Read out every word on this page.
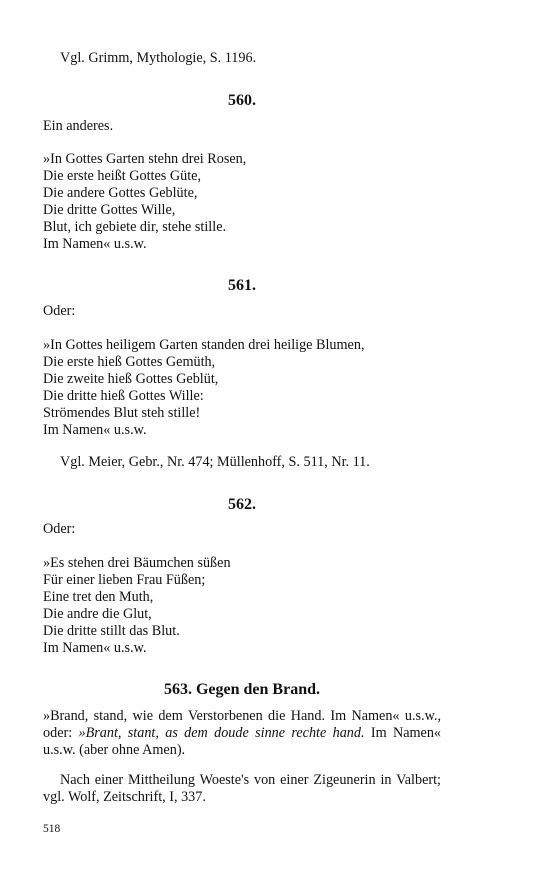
Vgl. Grimm, Mythologie, S. 1196.
560.
Ein anderes.
»In Gottes Garten stehn drei Rosen,
Die erste heißt Gottes Güte,
Die andere Gottes Geblüte,
Die dritte Gottes Wille,
Blut, ich gebiete dir, stehe stille.
Im Namen« u.s.w.
561.
Oder:
»In Gottes heiligem Garten standen drei heilige Blumen,
Die erste hieß Gottes Gemüth,
Die zweite hieß Gottes Geblüt,
Die dritte hieß Gottes Wille:
Strömendes Blut steh stille!
Im Namen« u.s.w.
Vgl. Meier, Gebr., Nr. 474; Müllenhoff, S. 511, Nr. 11.
562.
Oder:
»Es stehen drei Bäumchen süßen
Für einer lieben Frau Füßen;
Eine tret den Muth,
Die andre die Glut,
Die dritte stillt das Blut.
Im Namen« u.s.w.
563. Gegen den Brand.
»Brand, stand, wie dem Verstorbenen die Hand. Im Namen« u.s.w., oder: »Brant, stant, as dem doude sinne rechte hand. Im Namen« u.s.w. (aber ohne Amen).
Nach einer Mittheilung Woeste's von einer Zigeunerin in Valbert; vgl. Wolf, Zeitschrift, I, 337.
518
